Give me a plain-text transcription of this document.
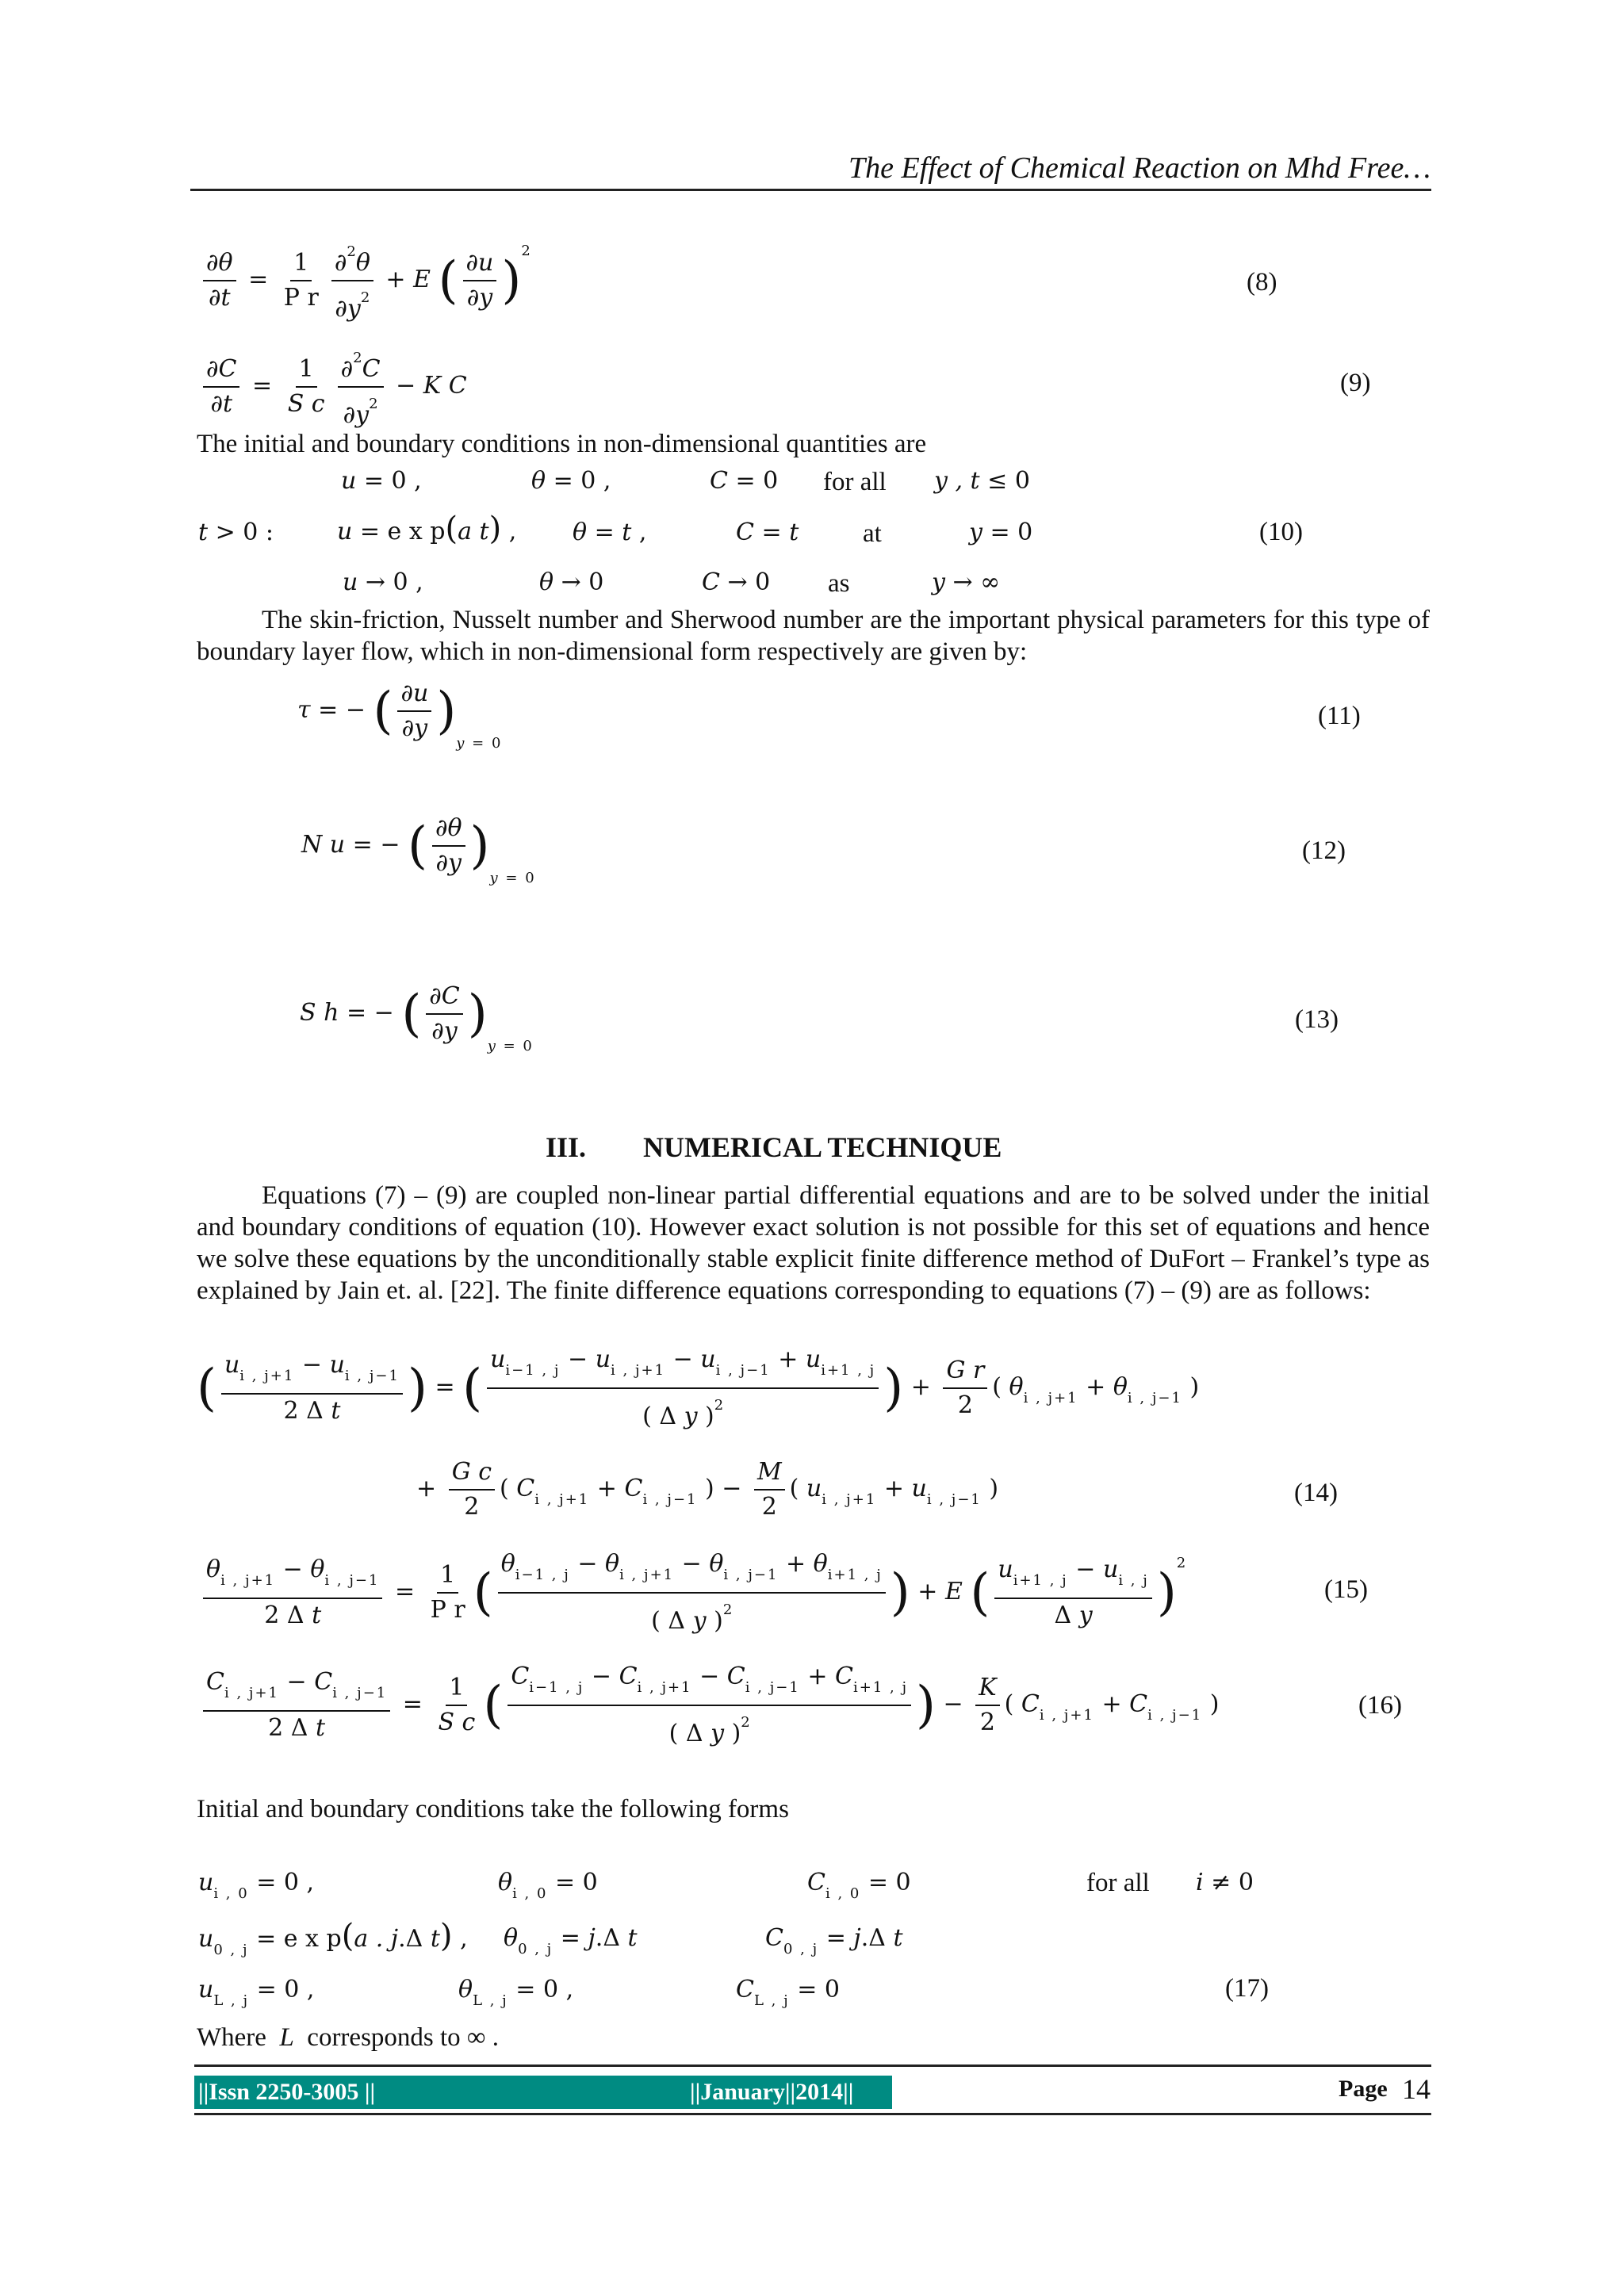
The Effect of Chemical Reaction on Mhd Free…
$\frac{\partial\theta}{\partial t} = \frac{1}{\text{P r}} \frac{\partial^2\theta}{\partial y^2} + E$ ( $\frac{\partial u}{\partial y} )^2$
(8)
$\frac{\partial C}{\partial t} = \frac{1}{\text{S c}} \frac{\partial^2C}{\partial y^2} - K$ C	(9)
The initial and boundary conditions in non-dimensional quantities are
u = 0 ,	θ = 0 ,	C = 0 for all y , t ≤ 0
t > 0 :	u = e x p(a t) , θ = t ,	C = t at	y = 0	(10)
u → 0 ,	θ → 0	C → 0 as	y → ∞
The skin-friction, Nusselt number and Sherwood number are the important physical parameters for this type of boundary layer flow, which in non-dimensional form respectively are given by:
τ = − ( $\frac{\partial u}{\partial y} )_{y = 0}$
(11)
N u = − ( $\frac{\partial\theta}{\partial y} )_{y = 0}$
(12)
S h = − ( $\frac{\partial C}{\partial y} )_{y = 0}$
(13)
III.        NUMERICAL TECHNIQUE
Equations (7) – (9) are coupled non-linear partial differential equations and are to be solved under the initial and boundary conditions of equation (10). However exact solution is not possible for this set of equations and hence we solve these equations by the unconditionally stable explicit finite difference method of DuFort – Frankel’s type as explained by Jain et. al. [22]. The finite difference equations corresponding to equations (7) – (9) are as follows:
( $\frac{u_{i , j+1} - u_{i , j-1}}{\text{2 Δ t}}$ ) = ( $\frac{u_{i-1 , j} - u_{i , j+1} - u_{i , j-1} + u_{i+1 , j}}{( \Delta y )^2}$ ) + $\frac{\text{G r}}{2}$ ( $\theta_{i , j+1} + \theta_{i , j-1}$ )
+ $\frac{\text{G c}}{2}$ ( $C_{i , j+1} + C_{i , j-1}$ ) − $\frac{M}{2}$ ( $u_{i , j+1} + u_{i , j-1}$ )	(14)
$\frac{\theta_{i , j+1} - \theta_{i , j-1}}{\text{2 Δ t}} = \frac{1}{\text{P r}}$ ( $\frac{\theta_{i-1 , j} - \theta_{i , j+1} - \theta_{i , j-1} + \theta_{i+1 , j}}{( \Delta y )^2}$ ) + E ( $\frac{u_{i+1 , j} - u_{i , j}}{\text{Δ y}} )^2$
(15)
$\frac{C_{i , j+1} - C_{i , j-1}}{\text{2 Δ t}} = \frac{1}{\text{S c}}$ ( $\frac{C_{i-1 , j} - C_{i , j+1} - C_{i , j-1} + C_{i+1 , j}}{( \Delta y )^2}$ ) − $\frac{K}{2}$ ( $C_{i , j+1} + C_{i , j-1}$ )	(16)
Initial and boundary conditions take the following forms
$u_{i , 0} = 0$ ,	$\theta_{i , 0} = 0$	$C_{i , 0} = 0$	for all i ≠ 0
$u_{0 , j} = e$ x p(a . j.Δ t) , $\theta_{0 , j} = j.\Delta$ t	$C_{0 , j} = j.\Delta$ t
$u_{L , j} = 0$ ,	$\theta_{L , j} = 0$ ,	$C_{L , j} = 0$	(17)
Where  L  corresponds to ∞ .
||Issn 2250-3005 ||	||January||2014||	Page 14
